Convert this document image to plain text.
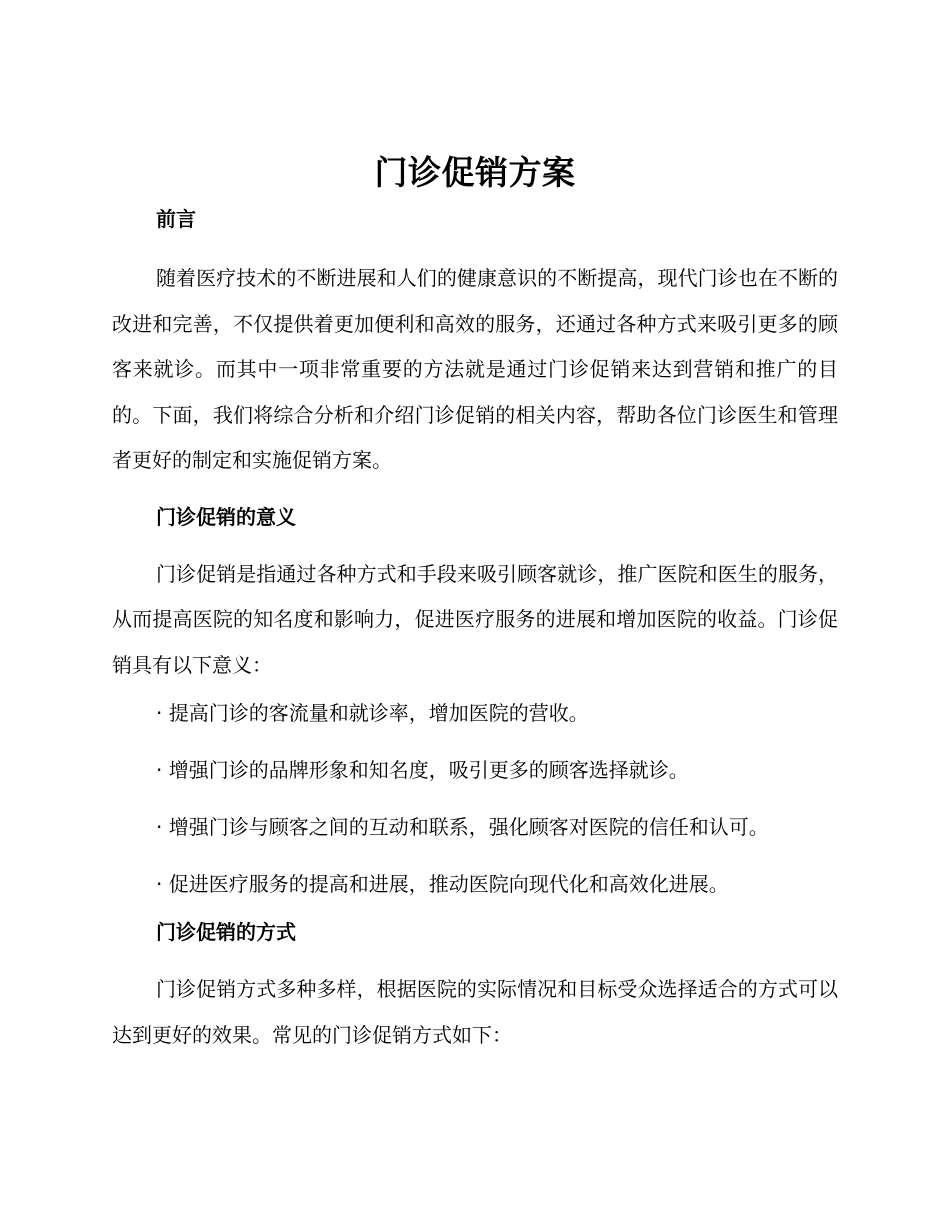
门诊促销方案
前言

随着医疗技术的不断进展和人们的健康意识的不断提高，现代门诊也在不断的改进和完善，不仅提供着更加便利和高效的服务，还通过各种方式来吸引更多的顾客来就诊。而其中一项非常重要的方法就是通过门诊促销来达到营销和推广的目的。下面，我们将综合分析和介绍门诊促销的相关内容，帮助各位门诊医生和管理者更好的制定和实施促销方案。

门诊促销的意义

门诊促销是指通过各种方式和手段来吸引顾客就诊，推广医院和医生的服务，从而提高医院的知名度和影响力，促进医疗服务的进展和增加医院的收益。门诊促销具有以下意义：

· 提高门诊的客流量和就诊率，增加医院的营收。
· 增强门诊的品牌形象和知名度，吸引更多的顾客选择就诊。
· 增强门诊与顾客之间的互动和联系，强化顾客对医院的信任和认可。
· 促进医疗服务的提高和进展，推动医院向现代化和高效化进展。
门诊促销的方式

门诊促销方式多种多样，根据医院的实际情况和目标受众选择适合的方式可以达到更好的效果。常见的门诊促销方式如下：
